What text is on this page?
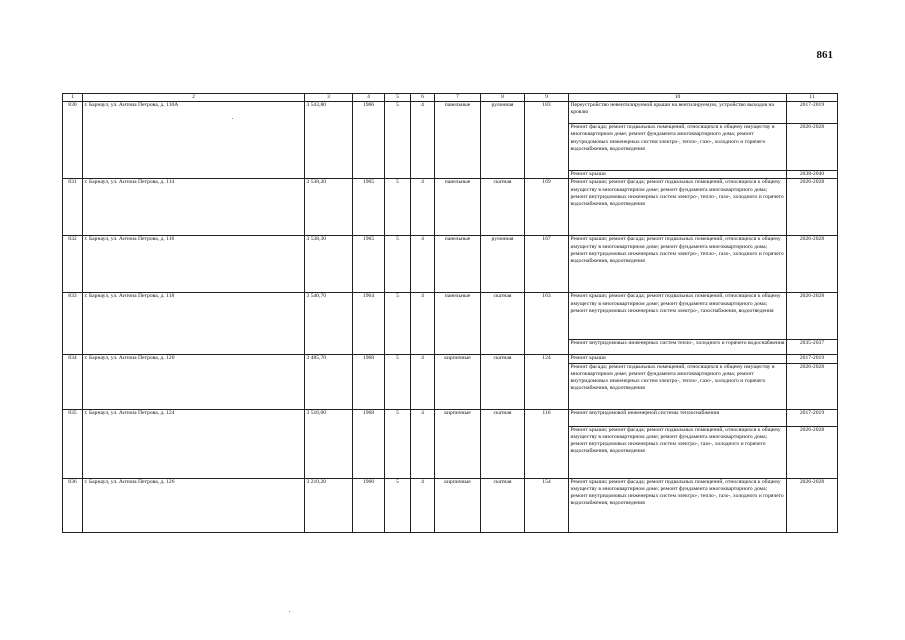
861
1	2	3	4	5	6	7	8	9	10	11
830	г. Барнаул, ул. Антона Петрова, д. 110А	3 543,80	1966	5	4	панельные	рулонная	183	Переустройство невентилируемой крыши на вентилируемую, устройство выходов на кровлю	2017-2019
									Ремонт фасада; ремонт подвальных помещений, относящихся к общему имуществу в многоквартирном доме; ремонт фундамента многоквартирного дома; ремонт внутридомовых инженерных систем электро-, тепло-, газо-, холодного и горячего водоснабжения, водоотведения	2026-2028
									Ремонт крыши	2038-2040
831	г. Барнаул, ул. Антона Петрова, д. 114	3 538,20	1965	5	4	панельные	скатная	169	Ремонт крыши; ремонт фасада; ремонт подвальных помещений, относящихся к общему имуществу в многоквартирном доме; ремонт фундамента многоквартирного дома; ремонт внутридомовых инженерных систем электро-, тепло-, газо-, холодного и горячего водоснабжения, водоотведения	2026-2028
832	г. Барнаул, ул. Антона Петрова, д. 116	3 538,30	1965	5	4	панельные	рулонная	167	Ремонт крыши; ремонт фасада; ремонт подвальных помещений, относящихся к общему имуществу в многоквартирном доме; ремонт фундамента многоквартирного дома; ремонт внутридомовых инженерных систем электро-, тепло-, газо-, холодного и горячего водоснабжения, водоотведения	2026-2028
833	г. Барнаул, ул. Антона Петрова, д. 118	3 540,70	1964	5	4	панельные	скатная	163	Ремонт крыши; ремонт фасада; ремонт подвальных помещений, относящихся к общему имуществу в многоквартирном доме; ремонт фундамента многоквартирного дома; ремонт внутридомовых инженерных систем электро-, газоснабжения, водоотведения	2026-2028
									Ремонт внутридомовых инженерных систем тепло-, холодного и горячего водоснабжения	2035-2037
834	г. Барнаул, ул. Антона Петрова, д. 120	3 485,70	1968	5	4	кирпичные	скатная	124	Ремонт крыши	2017-2019
									Ремонт фасада; ремонт подвальных помещений, относящихся к общему имуществу в многоквартирном доме; ремонт фундамента многоквартирного дома; ремонт внутридомовых инженерных систем электро-, тепло-, газо-, холодного и горячего водоснабжения, водоотведения	2026-2028
835	г. Барнаул, ул. Антона Петрова, д. 124	3 516,00	1968	5	4	кирпичные	скатная	116	Ремонт внутридомовой инженерной системы теплоснабжения	2017-2019
									Ремонт крыши; ремонт фасада; ремонт подвальных помещений, относящихся к общему имуществу в многоквартирном доме; ремонт фундамента многоквартирного дома; ремонт внутридомовых инженерных систем электро-, газо-, холодного и горячего водоснабжения, водоотведения	2026-2028
836	г. Барнаул, ул. Антона Петрова, д. 126	3 210,20	1966	5	4	кирпичные	скатная	154	Ремонт крыши; ремонт фасада; ремонт подвальных помещений, относящихся к общему имуществу в многоквартирном доме; ремонт фундамента многоквартирного дома; ремонт внутридомовых инженерных систем электро-, тепло-, газо-, холодного и горячего водоснабжения, водоотведения	2026-2028
